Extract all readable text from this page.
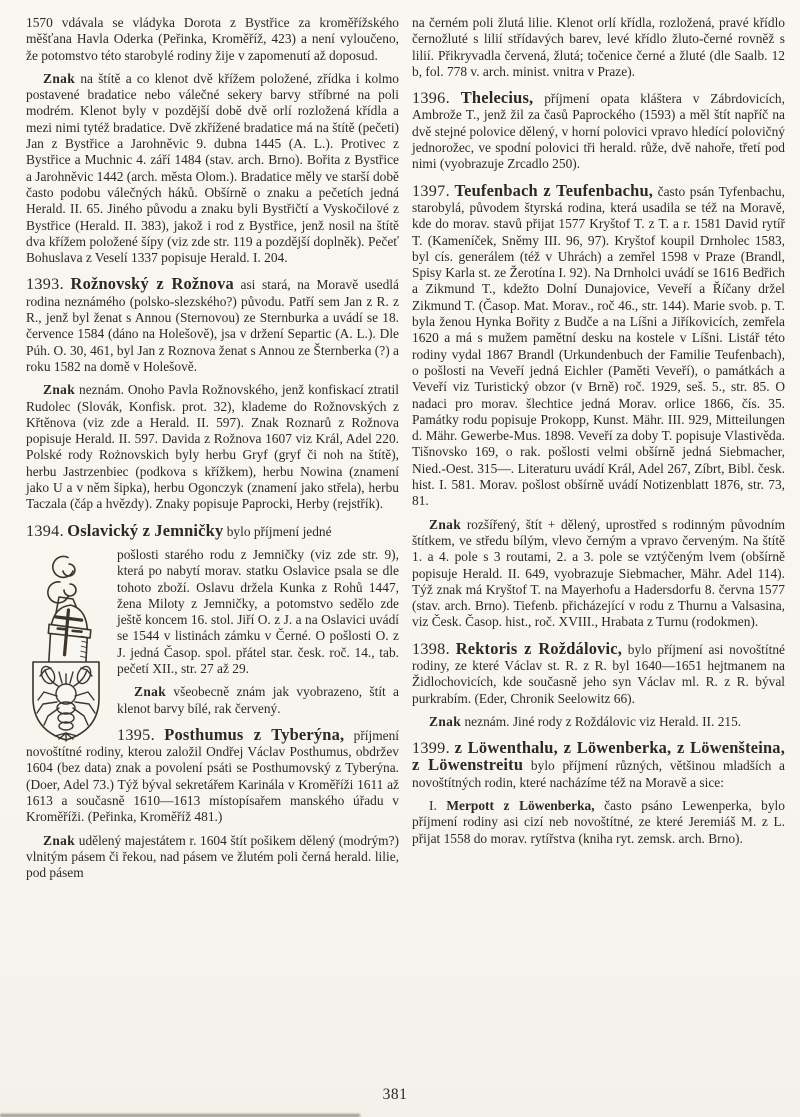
1570 vdávala se vládyka Dorota z Bystřice za kroměřížského měšťana Havla Oderka (Peřinka, Kroměříž, 423) a není vyloučeno, že potomstvo této starobylé rodiny žije v zapomenutí až doposud.

Znak na štítě a co klenot dvě křížem položené, zřídka i kolmo postavené bradatice nebo válečné sekery barvy stříbrné na poli modrém. Klenot byly v pozdější době dvě orlí rozložená křídla a mezi nimi tytéž bradatice. Dvě zkřížené bradatice má na štítě (pečeti) Jan z Bystřice a Jarohněvic 9. dubna 1445 (A. L.). Protivec z Bystřice a Muchnic 4. září 1484 (stav. arch. Brno). Bořita z Bystřice a Jarohněvic 1442 (arch. města Olom.). Bradatice měly ve starší době často podobu válečných háků. Obšírně o znaku a pečetích jedná Herald. II. 65. Jiného původu a znaku byli Bystřičtí a Vyskočilové z Bystřice (Herald. II. 383), jakož i rod z Bystřice, jenž nosil na štítě dva křížem položené šípy (viz zde str. 119 a pozdější doplněk). Pečeť Bohuslava z Veselí 1337 popisuje Herald. I. 204.

1393. Rožnovský z Rožnova asi stará, na Moravě usedlá rodina neznámého (polsko-slezského?) původu. Patří sem Jan z R. z R., jenž byl ženat s Annou (Sternovou) ze Sternburka a uvádí se 18. července 1584 (dáno na Holešově), jsa v držení Separtic (A. L.). Dle Púh. O. 30, 461, byl Jan z Roznova ženat s Annou ze Šternberka (?) a roku 1582 na domě v Holešově.

Znak neznám. Onoho Pavla Rožnovského, jenž konfiskací ztratil Rudolec (Slovák, Konfisk. prot. 32), klademe do Rožnovských z Křtěnova (viz zde a Herald. II. 597). Znak Roznarů z Rožnova popisuje Herald. II. 597. Davida z Rožnova 1607 viz Král, Adel 220. Polské rody Rożnovskich byly herbu Gryf (gryf či noh na štítě), herbu Jastrzenbiec (podkova s křížkem), herbu Nowina (znamení jako U a v něm šipka), herbu Ogonczyk (znamení jako střela), herbu Taczala (čáp a hvězdy). Znaky popisuje Paprocki, Herby (rejstřík).

1394. Oslavický z Jemničky bylo příjmení jedné

pošlosti starého rodu z Jemničky (viz zde str. 9), která po nabytí morav. statku Oslavice psala se dle tohoto zboží. Oslavu držela Kunka z Rohů 1447, žena Miloty z Jemničky, a potomstvo sedělo zde ještě koncem 16. stol. Jiří O. z J. a na Oslavici uvádí se 1544 v listinách zámku v Černé. O pošlosti O. z J. jedná Časop. spol. přátel star. česk. roč. 14., tab. pečetí XII., str. 27 až 29.

Znak všeobecně znám jak vyobrazeno, štít a klenot barvy bílé, rak červený.

1395. Posthumus z Tyberýna, příjmení novoštítné rodiny, kterou založil Ondřej Václav Posthumus, obdržev 1604 (bez data) znak a povolení psáti se Posthumovský z Tyberýna. (Doer, Adel 73.) Týž býval sekretářem Karinála v Kroměříži 1611 až 1613 a současně 1610—1613 místopísařem manského úřadu v Kroměříži. (Peřinka, Kroměříž 481.)

Znak udělený majestátem r. 1604 štít pošikem dělený (modrým?) vlnitým pásem či řekou, nad pásem ve žlutém poli černá herald. lilie, pod pásem

na černém poli žlutá lilie. Klenot orlí křídla, rozložená, pravé křídlo černožluté s lilií střídavých barev, levé křídlo žluto-černé rovněž s lilií. Přikryvadla červená, žlutá; točenice černé a žluté (dle Saalb. 12 b, fol. 778 v. arch. minist. vnitra v Praze).

1396. Thelecius, příjmení opata kláštera v Zábrdovicích, Ambrože T., jenž žil za časů Paprockého (1593) a měl štít napříč na dvě stejné polovice dělený, v horní polovici vpravo hledící polovičný jednorožec, ve spodní polovici tři herald. růže, dvě nahoře, třetí pod nimi (vyobrazuje Zrcadlo 250).

1397. Teufenbach z Teufenbachu, často psán Tyfenbachu, starobylá, původem štyrská rodina, která usadila se též na Moravě, kde do morav. stavů přijat 1577 Kryštof T. z T. a r. 1581 David rytíř T. (Kameníček, Sněmy III. 96, 97). Kryštof koupil Drnholec 1583, byl cís. generálem (též v Uhrách) a zemřel 1598 v Praze (Brandl, Spisy Karla st. ze Žerotína I. 92). Na Drnholci uvádí se 1616 Bedřich a Zikmund T., kdežto Dolní Dunajovice, Veveří a Říčany držel Zikmund T. (Časop. Mat. Morav., roč 46., str. 144). Marie svob. p. T. byla ženou Hynka Bořity z Budče a na Líšni a Jiříkovicích, zemřela 1620 a má s mužem pamětní desku na kostele v Líšni. Listář této rodiny vydal 1867 Brandl (Urkundenbuch der Familie Teufenbach), o pošlosti na Veveří jedná Eichler (Paměti Veveří), o památkách a Veveří viz Turistický obzor (v Brně) roč. 1929, seš. 5., str. 85. O nadaci pro morav. šlechtice jedná Morav. orlice 1866, čís. 35. Památky rodu popisuje Prokopp, Kunst. Mähr. III. 929, Mitteilungen d. Mähr. Gewerbe-Mus. 1898. Veveří za doby T. popisuje Vlastivěda. Tišnovsko 169, o rak. pošlosti velmi obšírně jedná Siebmacher, Nied.-Oest. 315—. Literaturu uvádí Král, Adel 267, Zíbrt, Bibl. česk. hist. I. 581. Morav. pošlost obšírně uvádí Notizenblatt 1876, str. 73, 81.

Znak rozšířený, štít + dělený, uprostřed s rodinným původním štítkem, ve středu bílým, vlevo černým a vpravo červeným. Na štítě 1. a 4. pole s 3 routami, 2. a 3. pole se vztýčeným lvem (obšírně popisuje Herald. II. 649, vyobrazuje Siebmacher, Mähr. Adel 114). Týž znak má Kryštof T. na Mayerhofu a Hadersdorfu 8. června 1577 (stav. arch. Brno). Tiefenb. přicházející v rodu z Thurnu a Valsasina, viz Česk. Časop. hist., roč. XVIII., Hrabata z Turnu (rodokmen).

1398. Rektoris z Roždálovic, bylo příjmení asi novoštítné rodiny, ze které Václav st. R. z R. byl 1640—1651 hejtmanem na Židlochovicích, kde současně jeho syn Václav ml. R. z R. býval purkrabím. (Eder, Chronik Seelowitz 66).

Znak neznám. Jiné rody z Roždálovic viz Herald. II. 215.

1399. z Löwenthalu, z Löwenberka, z Löwenšteina, z Löwenstreitu bylo příjmení různých, většinou mladších a novoštítných rodin, které nacházíme též na Moravě a sice:

I. Merpott z Löwenberka, často psáno Lewenperka, bylo příjmení rodiny asi cizí neb novoštítné, ze které Jeremiáš M. z L. přijat 1558 do morav. rytířstva (kniha ryt. zemsk. arch. Brno).

381
